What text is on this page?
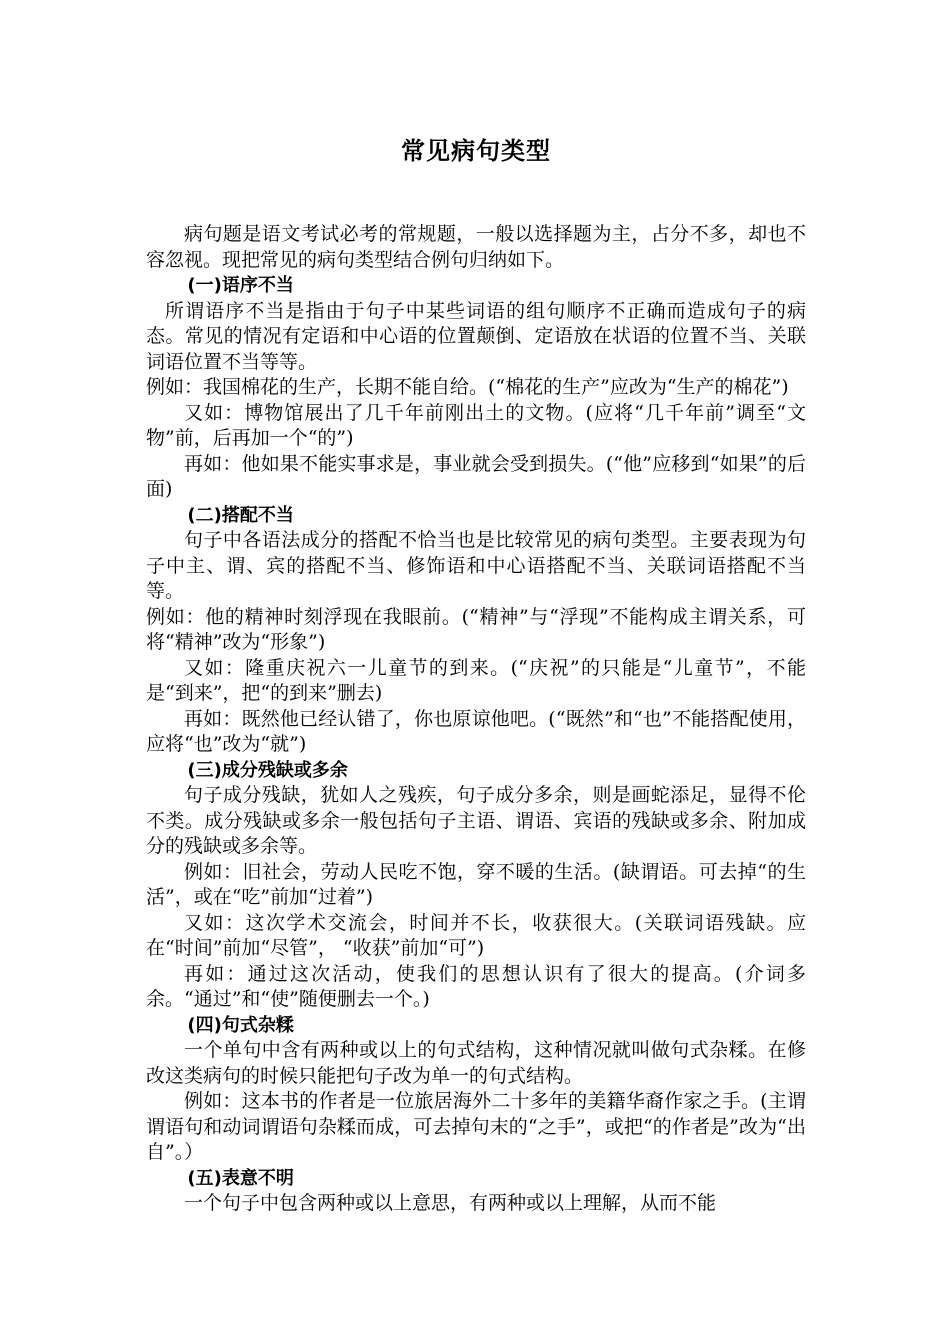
常见病句类型

病句题是语文考试必考的常规题，一般以选择题为主，占分不多，却也不容忽视。现把常见的病句类型结合例句归纳如下。

(一)语序不当

所谓语序不当是指由于句子中某些词语的组句顺序不正确而造成句子的病态。常见的情况有定语和中心语的位置颠倒、定语放在状语的位置不当、关联词语位置不当等等。

例如：我国棉花的生产，长期不能自给。(“棉花的生产”应改为“生产的棉花”)

又如：博物馆展出了几千年前刚出土的文物。(应将“几千年前”调至“文物”前，后再加一个“的”)

再如：他如果不能实事求是，事业就会受到损失。(“他”应移到“如果”的后面)

(二)搭配不当

句子中各语法成分的搭配不恰当也是比较常见的病句类型。主要表现为句子中主、谓、宾的搭配不当、修饰语和中心语搭配不当、关联词语搭配不当等。

例如：他的精神时刻浮现在我眼前。(“精神”与“浮现”不能构成主谓关系，可将“精神”改为“形象”)

又如：隆重庆祝六一儿童节的到来。(“庆祝”的只能是“儿童节”，不能是“到来”，把“的到来”删去)

再如：既然他已经认错了，你也原谅他吧。(“既然”和“也”不能搭配使用，应将“也”改为“就”)

(三)成分残缺或多余

句子成分残缺，犹如人之残疾，句子成分多余，则是画蛇添足，显得不伦不类。成分残缺或多余一般包括句子主语、谓语、宾语的残缺或多余、附加成分的残缺或多余等。

例如：旧社会，劳动人民吃不饱，穿不暖的生活。(缺谓语。可去掉“的生活”，或在“吃”前加“过着”)

又如：这次学术交流会，时间并不长，收获很大。(关联词语残缺。应在“时间”前加“尽管”， “收获”前加“可”)

再如：通过这次活动，使我们的思想认识有了很大的提高。(介词多余。“通过”和“使”随便删去一个。)

(四)句式杂糅

一个单句中含有两种或以上的句式结构，这种情况就叫做句式杂糅。在修改这类病句的时候只能把句子改为单一的句式结构。

例如：这本书的作者是一位旅居海外二十多年的美籍华裔作家之手。(主谓谓语句和动词谓语句杂糅而成，可去掉句末的“之手”，或把“的作者是”改为“出自”。）

(五)表意不明

一个句子中包含两种或以上意思，有两种或以上理解，从而不能
